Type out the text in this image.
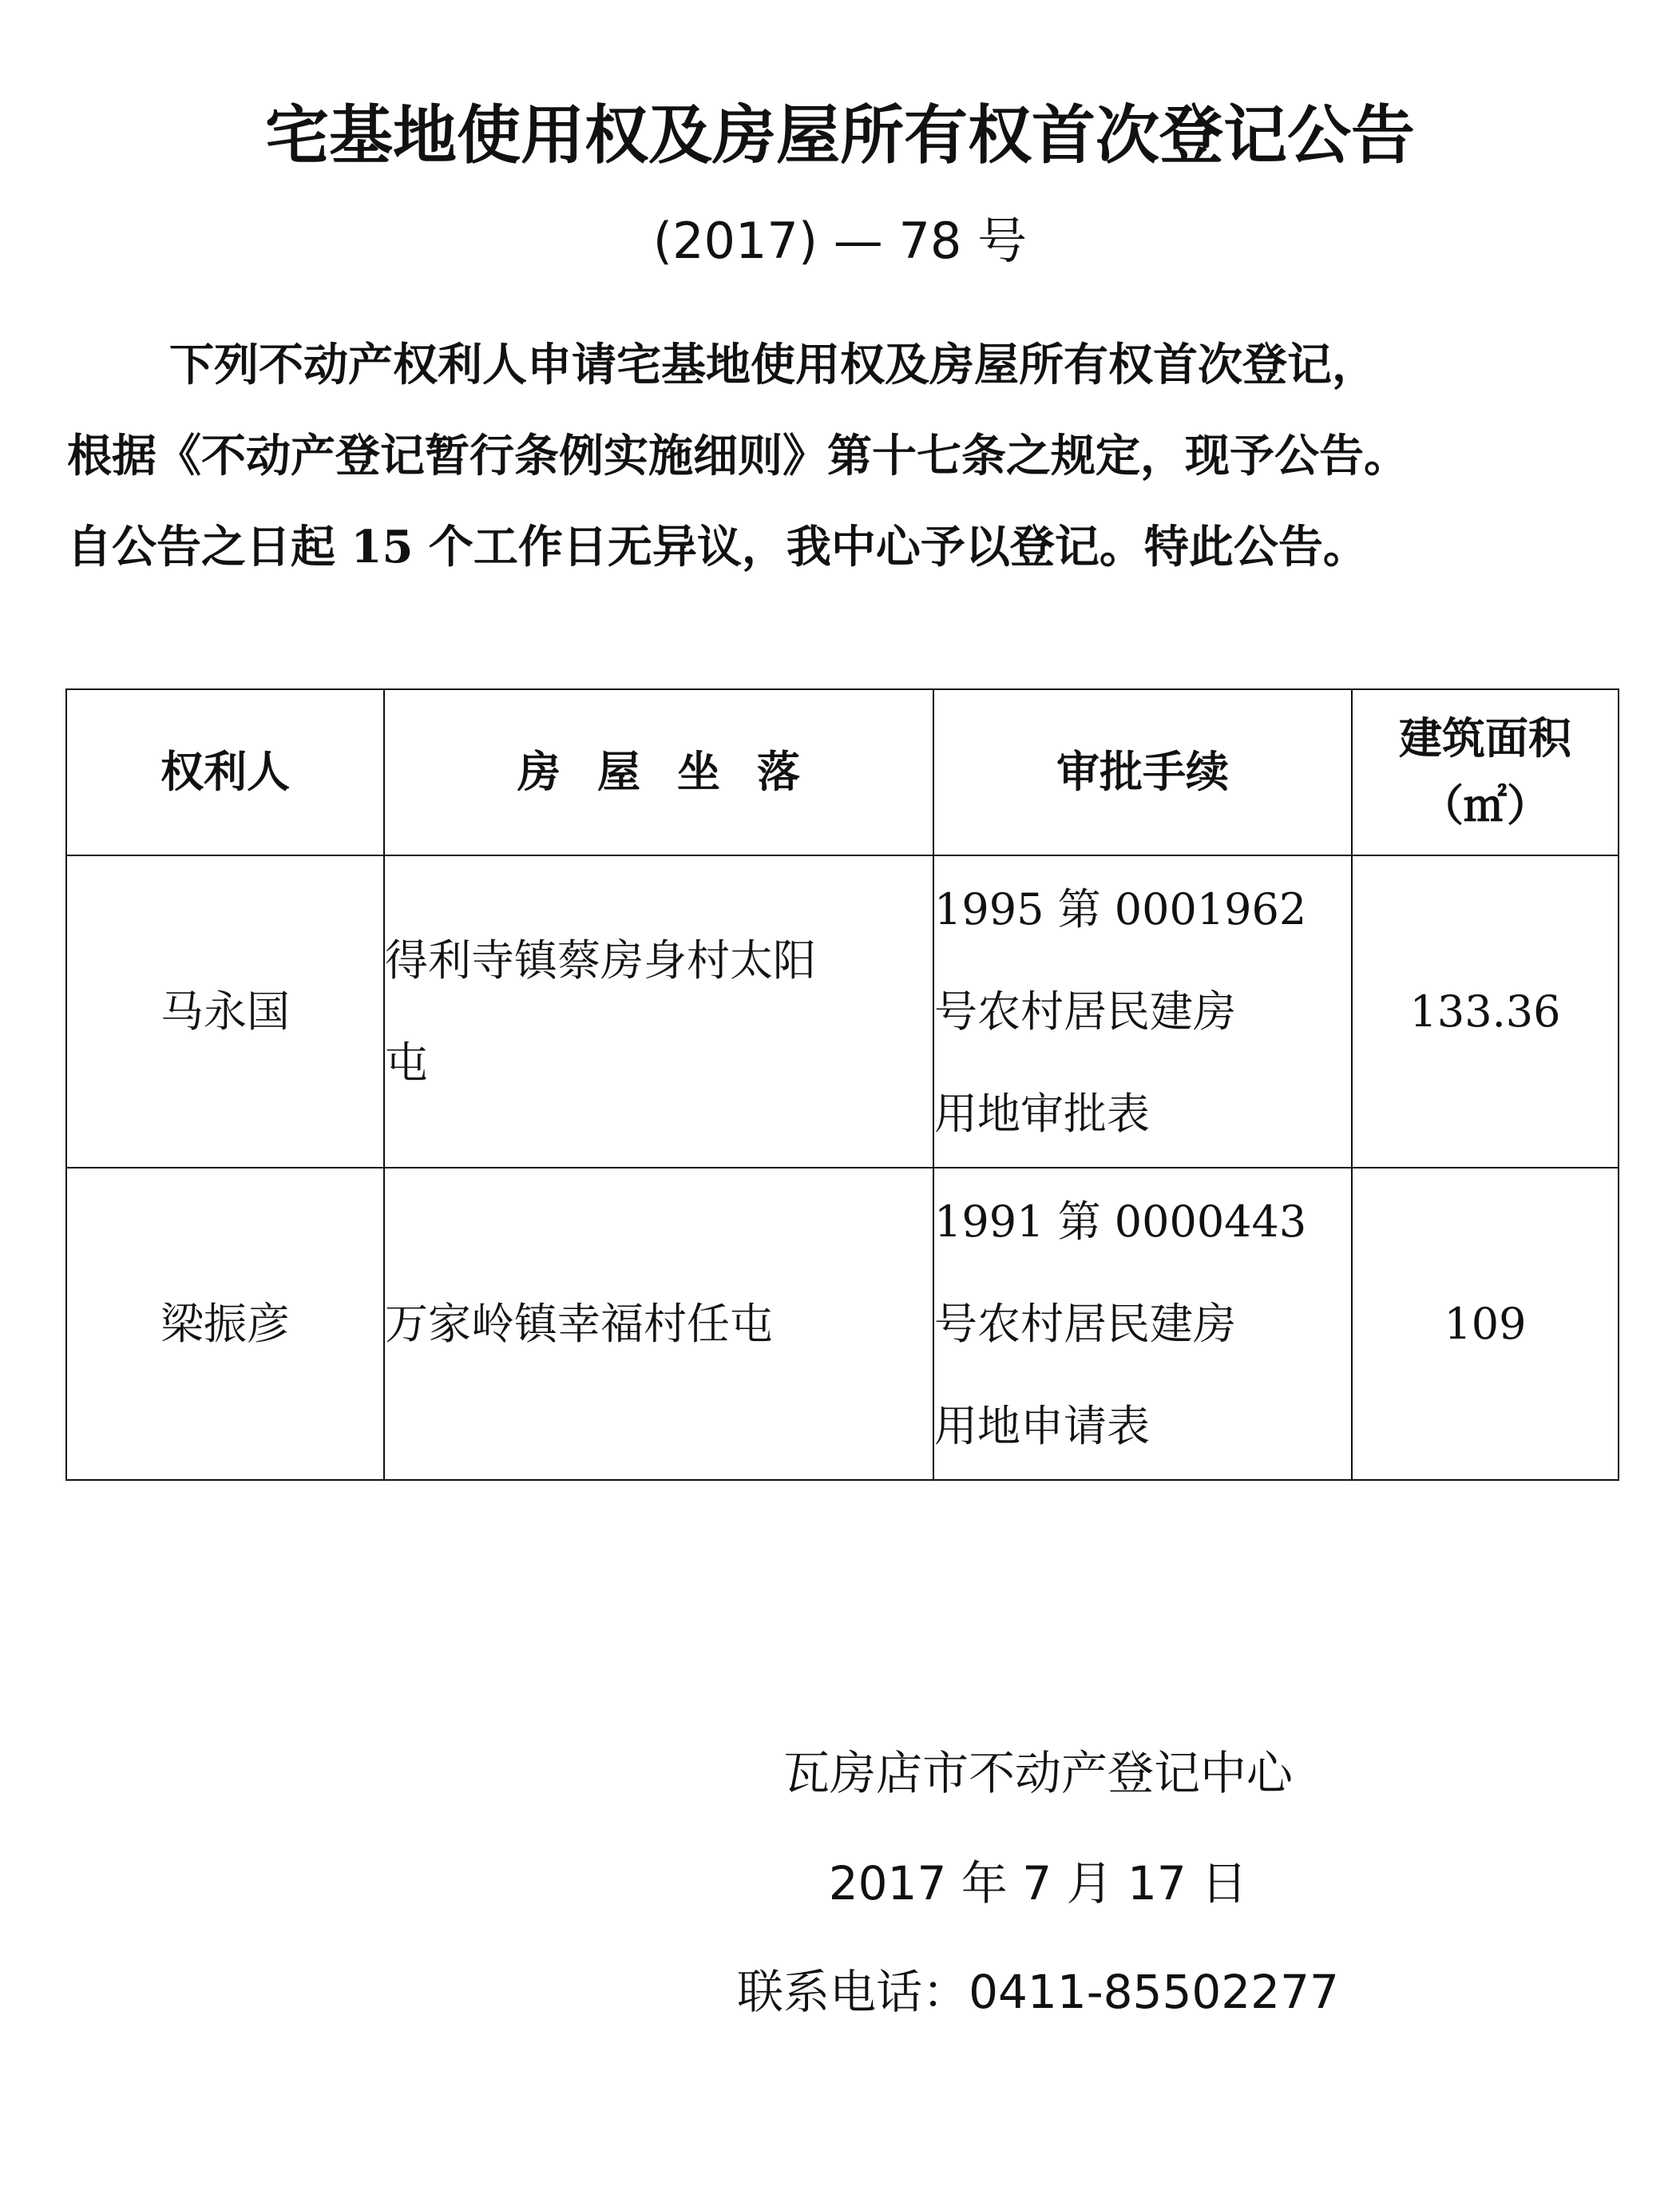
宅基地使用权及房屋所有权首次登记公告
(2017) — 78 号

下列不动产权利人申请宅基地使用权及房屋所有权首次登记，

根据《不动产登记暂行条例实施细则》第十七条之规定，现予公告。

自公告之日起 15 个工作日无异议，我中心予以登记。特此公告。

权利人	房屋坐落	审批手续	建筑面积
（㎡）

马永国	得利寺镇蔡房身村太阳
屯	1995 第 0001962
号农村居民建房
用地审批表	133.36
梁振彦	万家岭镇幸福村任屯	1991 第 0000443
号农村居民建房
用地申请表	109
瓦房店市不动产登记中心
2017 年 7 月 17 日
联系电话：0411-85502277
